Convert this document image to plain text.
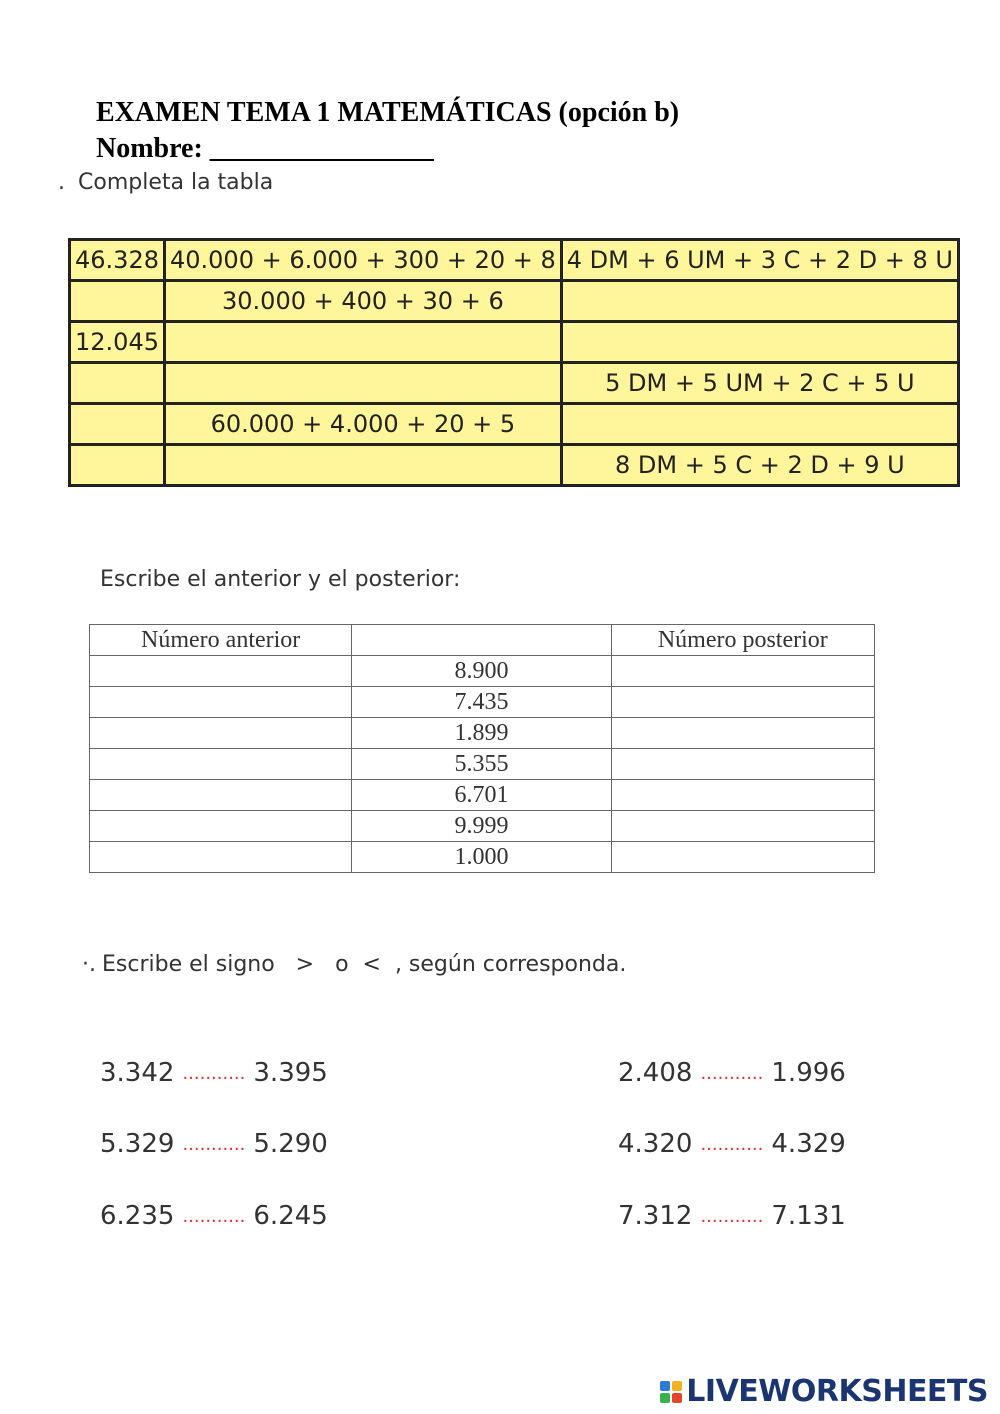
EXAMEN TEMA 1 MATEMÁTICAS (opción b)
Nombre: ________________
. Completa la tabla
46.328	40.000 + 6.000 + 300 + 20 + 8	4 DM + 6 UM + 3 C + 2 D + 8 U
	30.000 + 400 + 30 + 6	
12.045		
		5 DM + 5 UM + 2 C + 5 U
	60.000 + 4.000 + 20 + 5	
		8 DM + 5 C + 2 D + 9 U
Escribe el anterior y el posterior:
Número anterior		Número posterior
	8.900	
	7.435	
	1.899	
	5.355	
	6.701	
	9.999	
	1.000	
·. Escribe el signo   >   o  <  , según corresponda.
3.342 ........... 3.395	2.408 ........... 1.996
5.329 ........... 5.290	4.320 ........... 4.329
6.235 ........... 6.245	7.312 ........... 7.131
LIVEWORKSHEETS
